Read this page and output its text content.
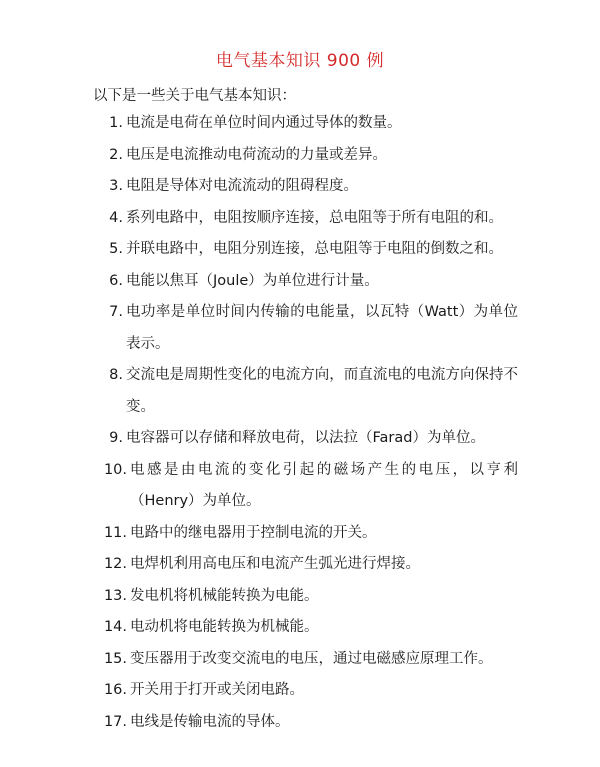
电气基本知识 900 例
以下是一些关于电气基本知识：
1. 电流是电荷在单位时间内通过导体的数量。
2. 电压是电流推动电荷流动的力量或差异。
3. 电阻是导体对电流流动的阻碍程度。
4. 系列电路中，电阻按顺序连接，总电阻等于所有电阻的和。
5. 并联电路中，电阻分别连接，总电阻等于电阻的倒数之和。
6. 电能以焦耳（Joule）为单位进行计量。
7. 电功率是单位时间内传输的电能量，以瓦特（Watt）为单位表示。
8. 交流电是周期性变化的电流方向，而直流电的电流方向保持不变。
9. 电容器可以存储和释放电荷，以法拉（Farad）为单位。
10. 电感是由电流的变化引起的磁场产生的电压，以亨利（Henry）为单位。
11. 电路中的继电器用于控制电流的开关。
12. 电焊机利用高电压和电流产生弧光进行焊接。
13. 发电机将机械能转换为电能。
14. 电动机将电能转换为机械能。
15. 变压器用于改变交流电的电压，通过电磁感应原理工作。
16. 开关用于打开或关闭电路。
17. 电线是传输电流的导体。
